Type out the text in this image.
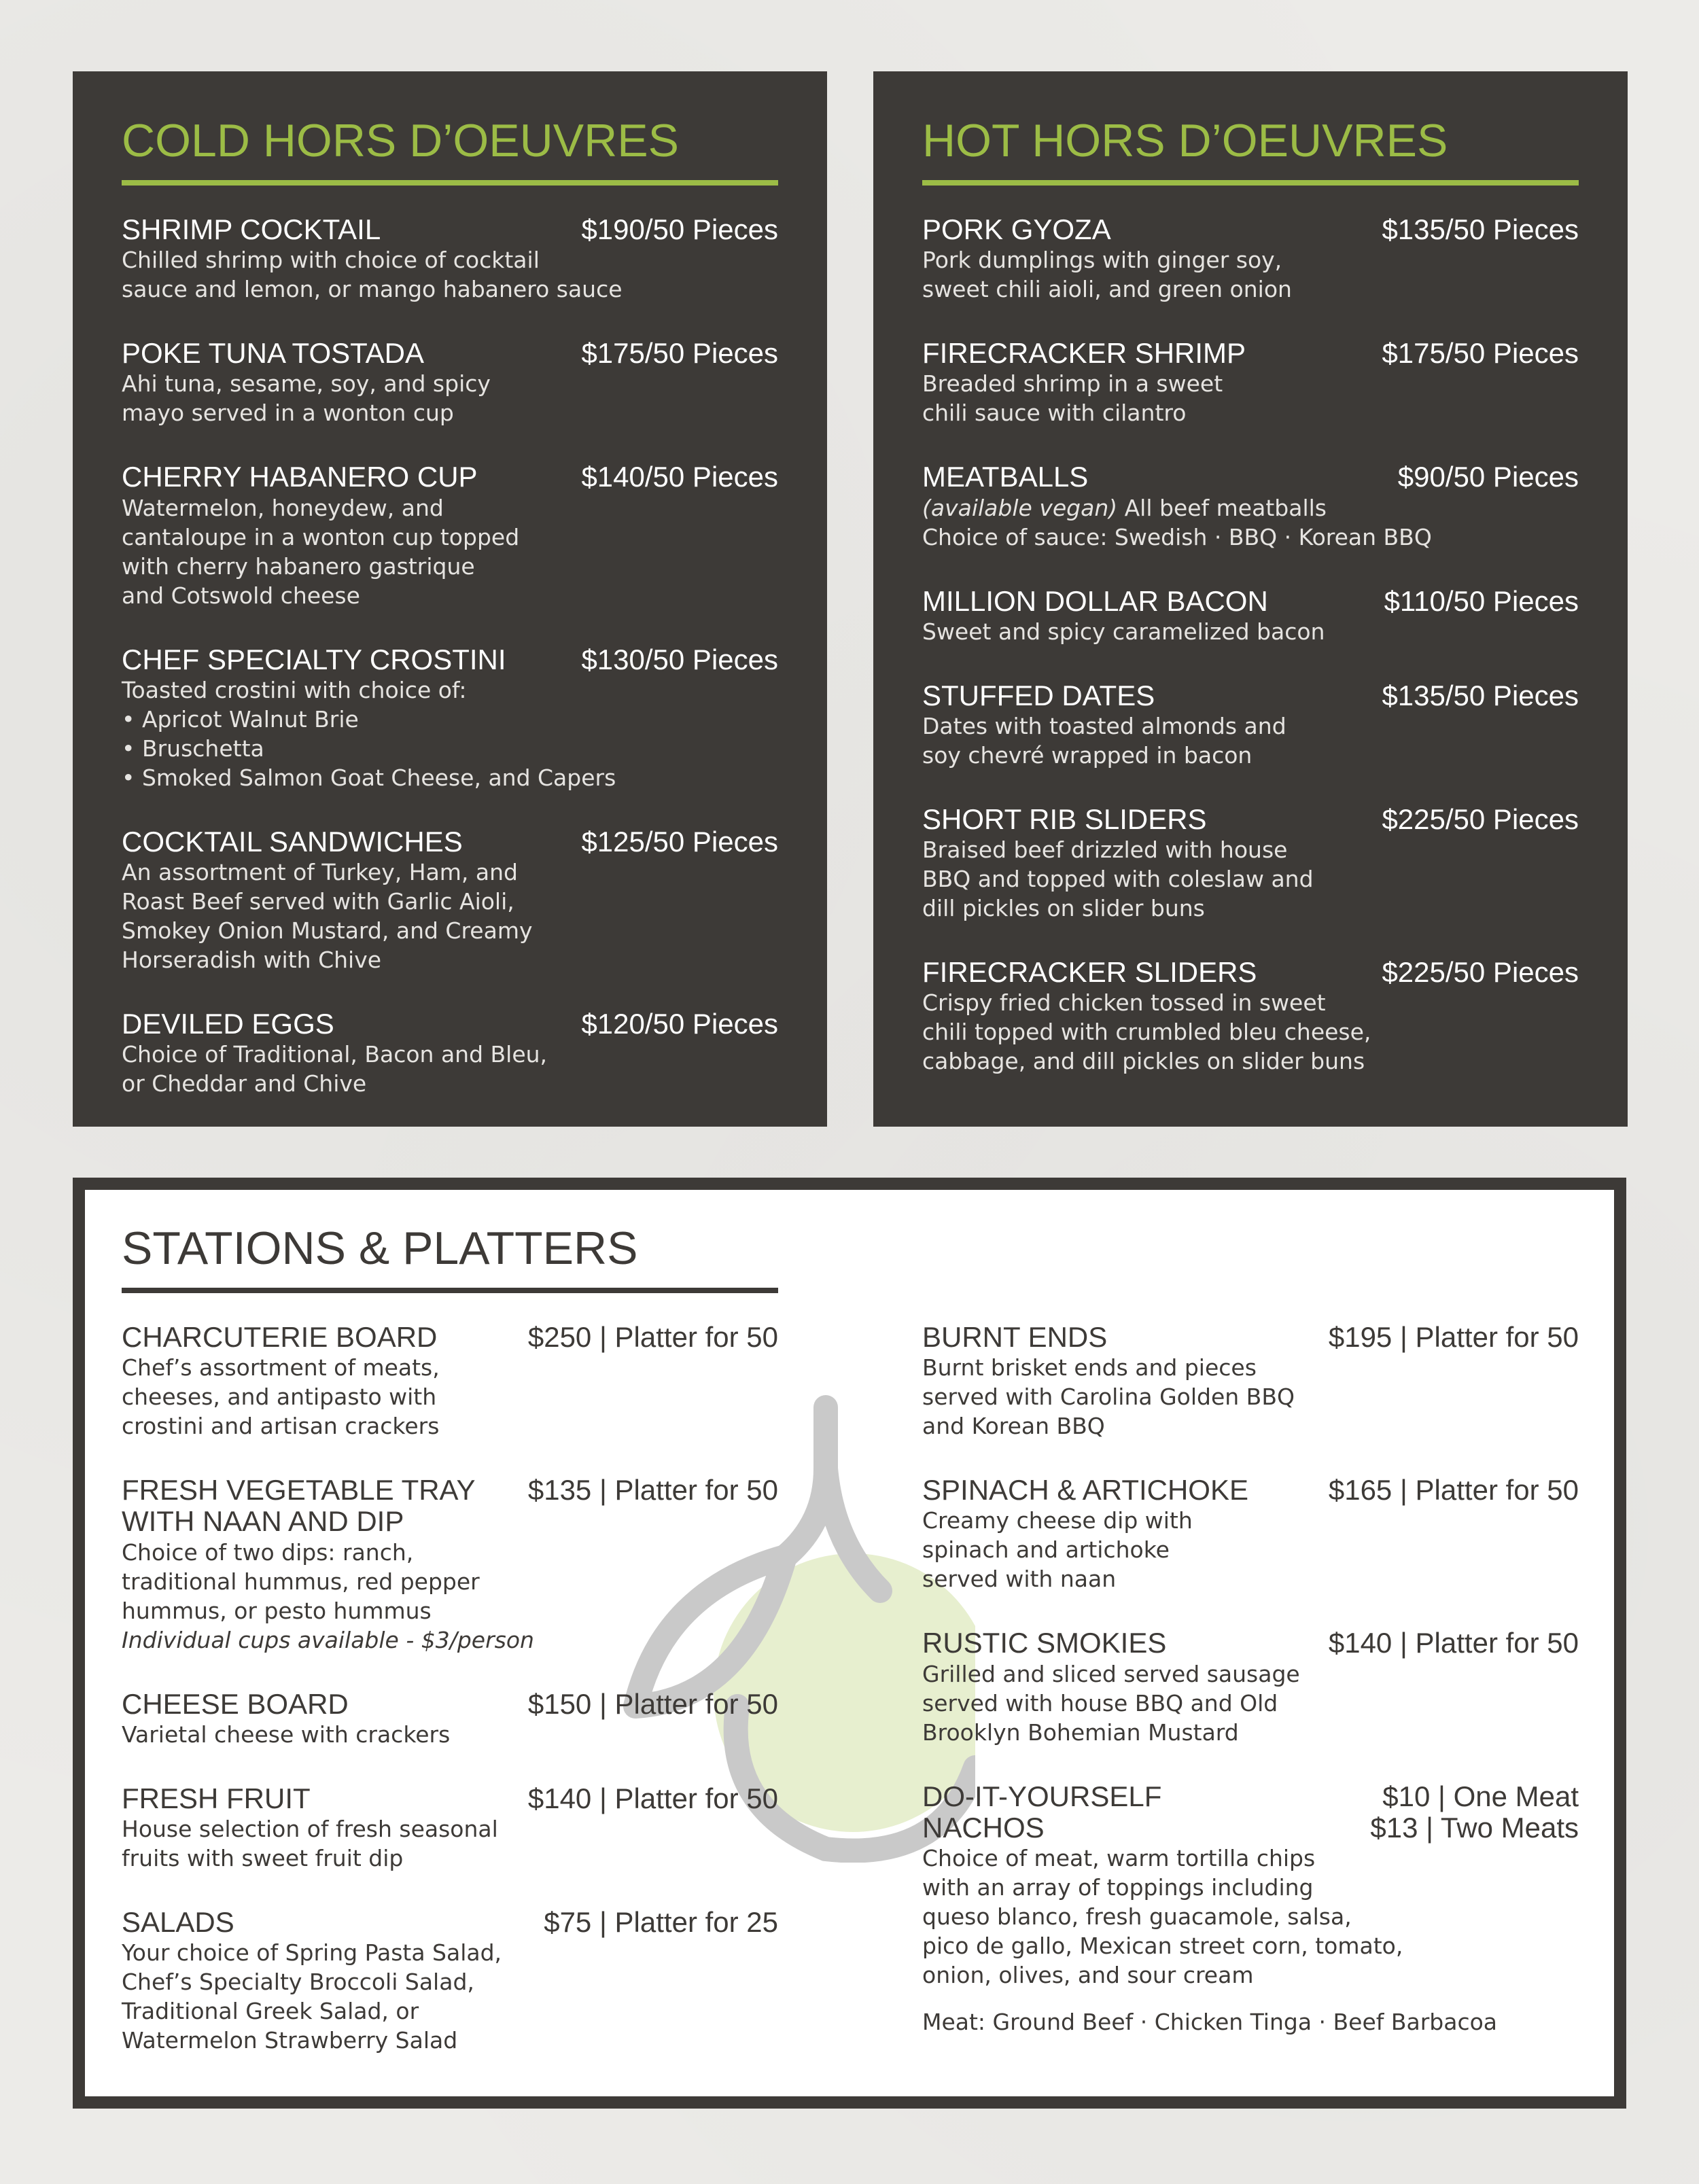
COLD HORS D’OEUVRES
SHRIMP COCKTAIL	$190/50 Pieces
Chilled shrimp with choice of cocktail
sauce and lemon, or mango habanero sauce
POKE TUNA TOSTADA	$175/50 Pieces
Ahi tuna, sesame, soy, and spicy
mayo served in a wonton cup
CHERRY HABANERO CUP	$140/50 Pieces
Watermelon, honeydew, and
cantaloupe in a wonton cup topped
with cherry habanero gastrique
and Cotswold cheese
CHEF SPECIALTY CROSTINI	$130/50 Pieces
Toasted crostini with choice of:
• Apricot Walnut Brie
• Bruschetta
• Smoked Salmon Goat Cheese, and Capers
COCKTAIL SANDWICHES	$125/50 Pieces
An assortment of Turkey, Ham, and
Roast Beef served with Garlic Aioli,
Smokey Onion Mustard, and Creamy
Horseradish with Chive
DEVILED EGGS	$120/50 Pieces
Choice of Traditional, Bacon and Bleu,
or Cheddar and Chive
HOT HORS D’OEUVRES
PORK GYOZA	$135/50 Pieces
Pork dumplings with ginger soy,
sweet chili aioli, and green onion
FIRECRACKER SHRIMP	$175/50 Pieces
Breaded shrimp in a sweet
chili sauce with cilantro
MEATBALLS	$90/50 Pieces
(available vegan) All beef meatballs
Choice of sauce: Swedish · BBQ · Korean BBQ
MILLION DOLLAR BACON	$110/50 Pieces
Sweet and spicy caramelized bacon
STUFFED DATES	$135/50 Pieces
Dates with toasted almonds and
soy chevré wrapped in bacon
SHORT RIB SLIDERS	$225/50 Pieces
Braised beef drizzled with house
BBQ and topped with coleslaw and
dill pickles on slider buns
FIRECRACKER SLIDERS	$225/50 Pieces
Crispy fried chicken tossed in sweet
chili topped with crumbled bleu cheese,
cabbage, and dill pickles on slider buns
STATIONS & PLATTERS
CHARCUTERIE BOARD	$250 | Platter for 50
Chef’s assortment of meats,
cheeses, and antipasto with
crostini and artisan crackers
FRESH VEGETABLE TRAY
WITH NAAN AND DIP
$135 | Platter for 50
Choice of two dips: ranch,
traditional hummus, red pepper
hummus, or pesto hummus
Individual cups available - $3/person
CHEESE BOARD	$150 | Platter for 50
Varietal cheese with crackers
FRESH FRUIT	$140 | Platter for 50
House selection of fresh seasonal
fruits with sweet fruit dip
SALADS	$75 | Platter for 25
Your choice of Spring Pasta Salad,
Chef’s Specialty Broccoli Salad,
Traditional Greek Salad, or
Watermelon Strawberry Salad
BURNT ENDS	$195 | Platter for 50
Burnt brisket ends and pieces
served with Carolina Golden BBQ
and Korean BBQ
SPINACH & ARTICHOKE	$165 | Platter for 50
Creamy cheese dip with
spinach and artichoke
served with naan
RUSTIC SMOKIES	$140 | Platter for 50
Grilled and sliced served sausage
served with house BBQ and Old
Brooklyn Bohemian Mustard
DO-IT-YOURSELF
NACHOS
$10 | One Meat
$13 | Two Meats
Choice of meat, warm tortilla chips
with an array of toppings including
queso blanco, fresh guacamole, salsa,
pico de gallo, Mexican street corn, tomato,
onion, olives, and sour cream
Meat: Ground Beef · Chicken Tinga · Beef Barbacoa
